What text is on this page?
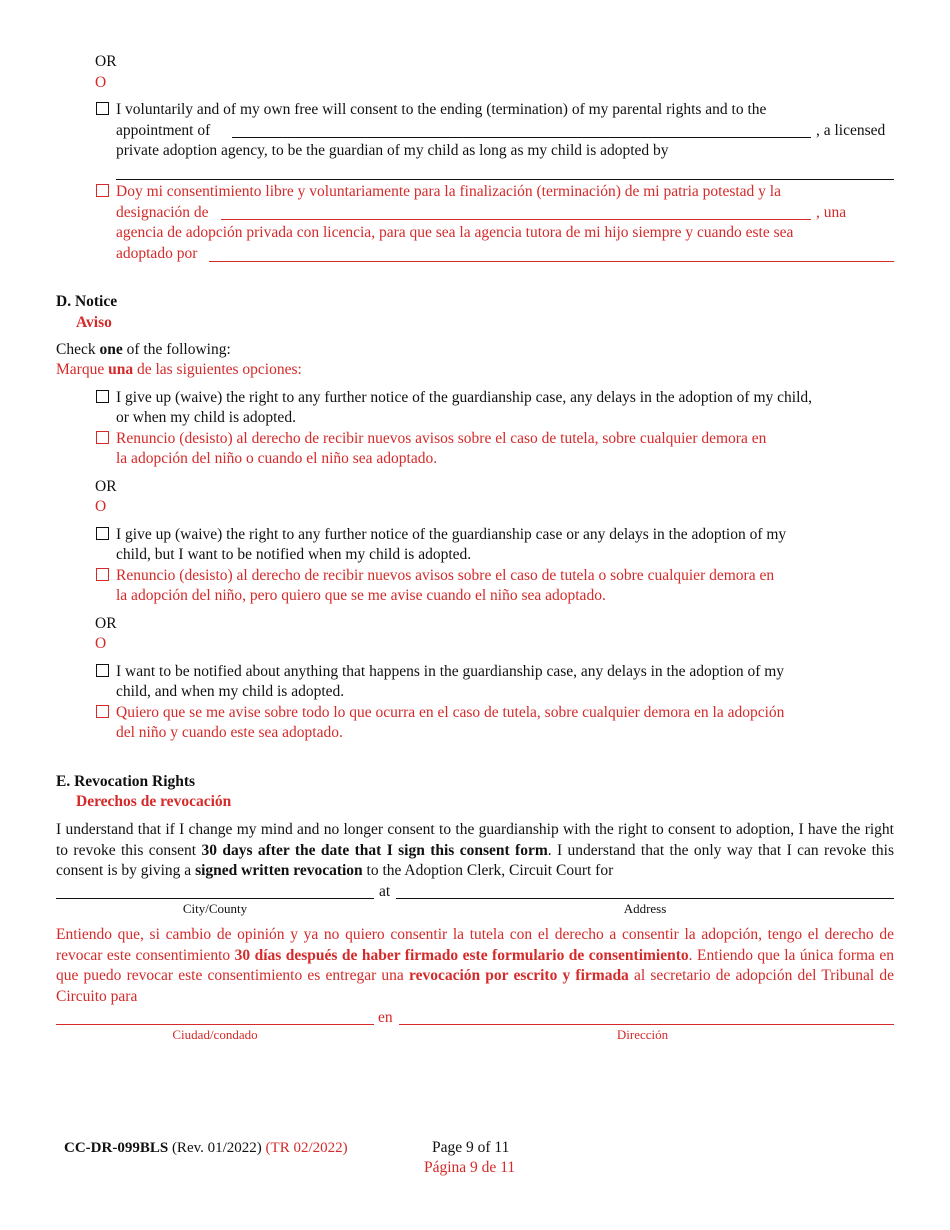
OR
O
I voluntarily and of my own free will consent to the ending (termination) of my parental rights and to the
appointment of	, a licensed
private adoption agency, to be the guardian of my child as long as my child is adopted by
Doy mi consentimiento libre y voluntariamente para la finalización (terminación) de mi patria potestad y la
designación de	, una
agencia de adopción privada con licencia, para que sea la agencia tutora de mi hijo siempre y cuando este sea
adoptado por
D. Notice
Aviso
Check one of the following:
Marque una de las siguientes opciones:
I give up (waive) the right to any further notice of the guardianship case, any delays in the adoption of my child,
or when my child is adopted.
Renuncio (desisto) al derecho de recibir nuevos avisos sobre el caso de tutela, sobre cualquier demora en
la adopción del niño o cuando el niño sea adoptado.
OR
O
I give up (waive) the right to any further notice of the guardianship case or any delays in the adoption of my
child, but I want to be notified when my child is adopted.
Renuncio (desisto) al derecho de recibir nuevos avisos sobre el caso de tutela o sobre cualquier demora en
la adopción del niño, pero quiero que se me avise cuando el niño sea adoptado.
OR
O
I want to be notified about anything that happens in the guardianship case, any delays in the adoption of my
child, and when my child is adopted.
Quiero que se me avise sobre todo lo que ocurra en el caso de tutela, sobre cualquier demora en la adopción
del niño y cuando este sea adoptado.
E. Revocation Rights
Derechos de revocación
I understand that if I change my mind and no longer consent to the guardianship with the right to consent to adoption, I have the right to revoke this consent 30 days after the date that I sign this consent form. I understand that the only way that I can revoke this consent is by giving a signed written revocation to the Adoption Clerk, Circuit Court for
at
City/County	Address
Entiendo que, si cambio de opinión y ya no quiero consentir la tutela con el derecho a consentir la adopción, tengo el derecho de revocar este consentimiento 30 días después de haber firmado este formulario de consentimiento. Entiendo que la única forma en que puedo revocar este consentimiento es entregar una revocación por escrito y firmada al secretario de adopción del Tribunal de Circuito para
en
Ciudad/condado	Dirección
CC-DR-099BLS (Rev. 01/2022) (TR 02/2022)	Page 9 of 11
Página 9 de 11
